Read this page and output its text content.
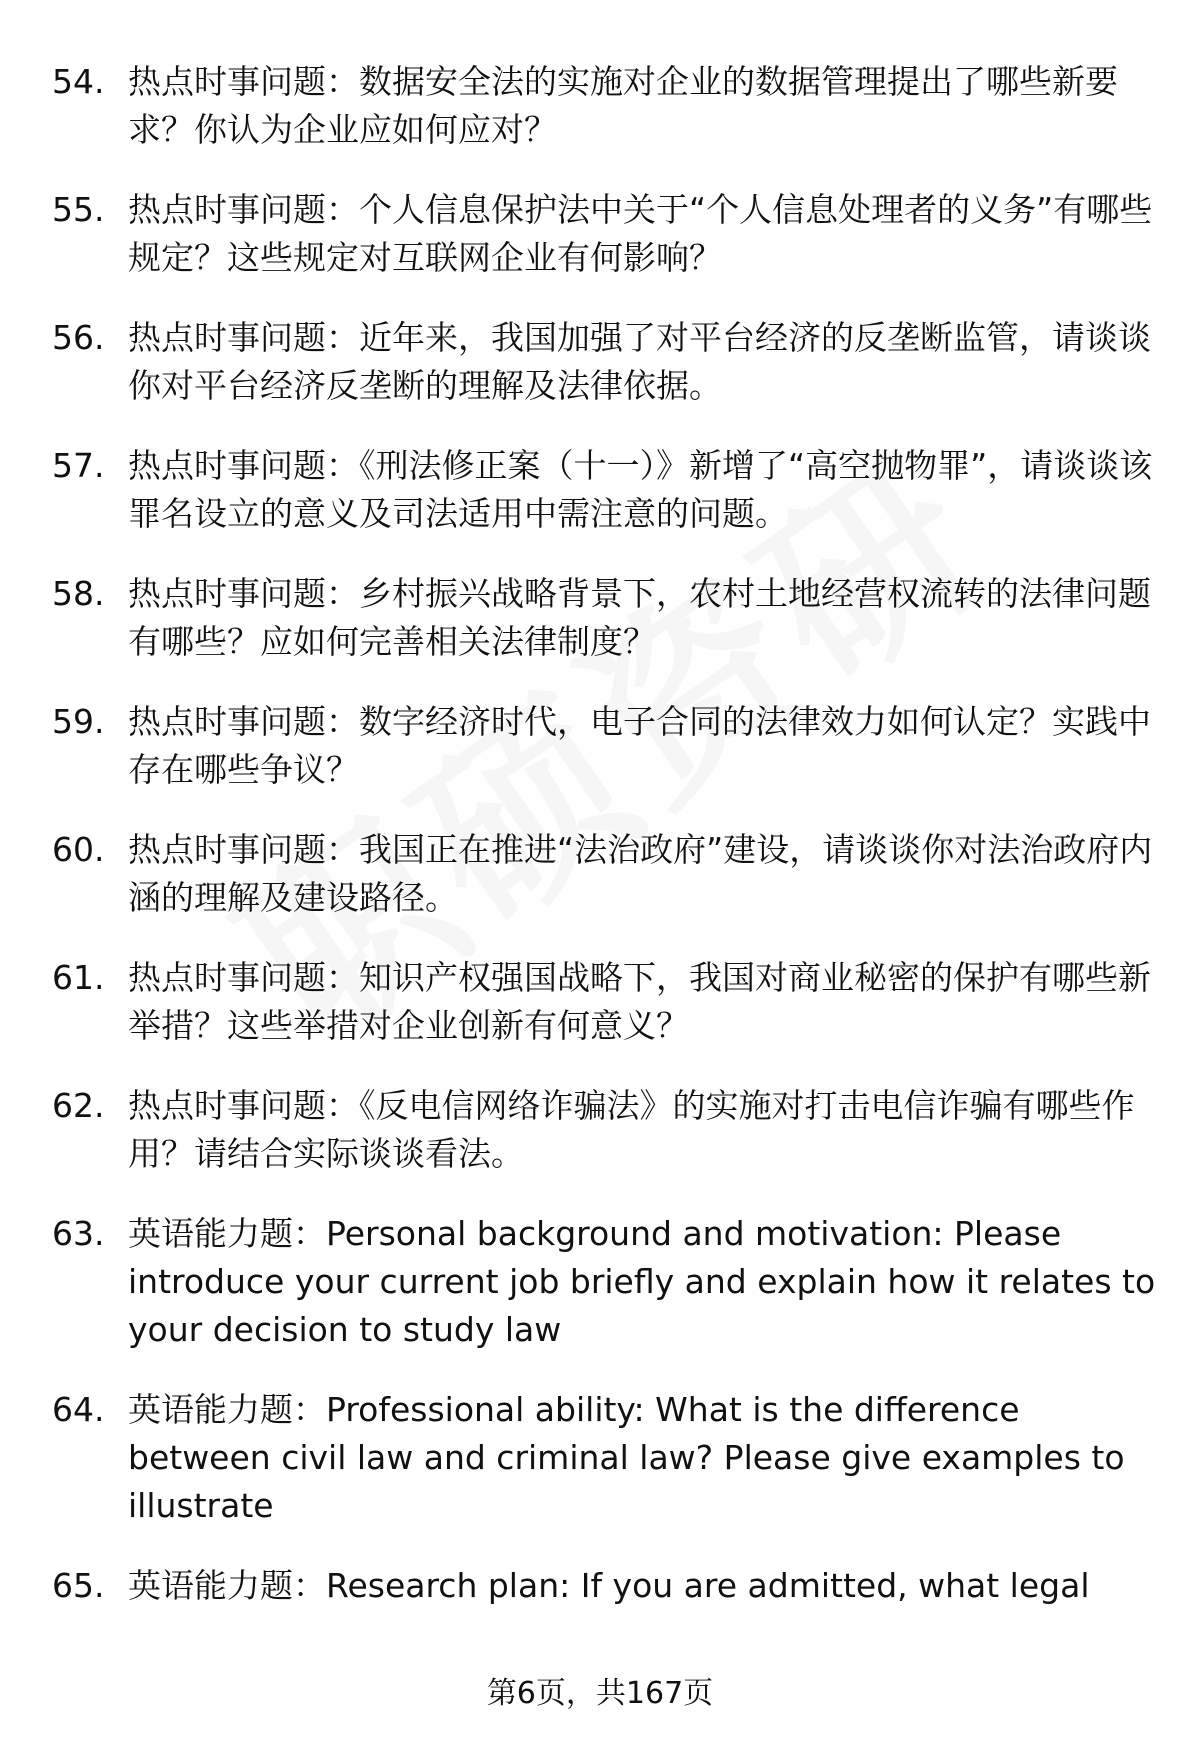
54. 热点时事问题：数据安全法的实施对企业的数据管理提出了哪些新要求？你认为企业应如何应对？
55. 热点时事问题：个人信息保护法中关于“个人信息处理者的义务”有哪些规定？这些规定对互联网企业有何影响？
56. 热点时事问题：近年来，我国加强了对平台经济的反垄断监管，请谈谈你对平台经济反垄断的理解及法律依据。
57. 热点时事问题：《刑法修正案（十一）》新增了“高空抛物罪”，请谈谈该罪名设立的意义及司法适用中需注意的问题。
58. 热点时事问题：乡村振兴战略背景下，农村土地经营权流转的法律问题有哪些？应如何完善相关法律制度？
59. 热点时事问题：数字经济时代，电子合同的法律效力如何认定？实践中存在哪些争议？
60. 热点时事问题：我国正在推进“法治政府”建设，请谈谈你对法治政府内涵的理解及建设路径。
61. 热点时事问题：知识产权强国战略下，我国对商业秘密的保护有哪些新举措？这些举措对企业创新有何意义？
62. 热点时事问题：《反电信网络诈骗法》的实施对打击电信诈骗有哪些作用？请结合实际谈谈看法。
63. 英语能力题：Personal background and motivation: Please introduce your current job briefly and explain how it relates to your decision to study law
64. 英语能力题：Professional ability: What is the difference between civil law and criminal law? Please give examples to illustrate
65. 英语能力题：Research plan: If you are admitted, what legal
第6页，共167页
